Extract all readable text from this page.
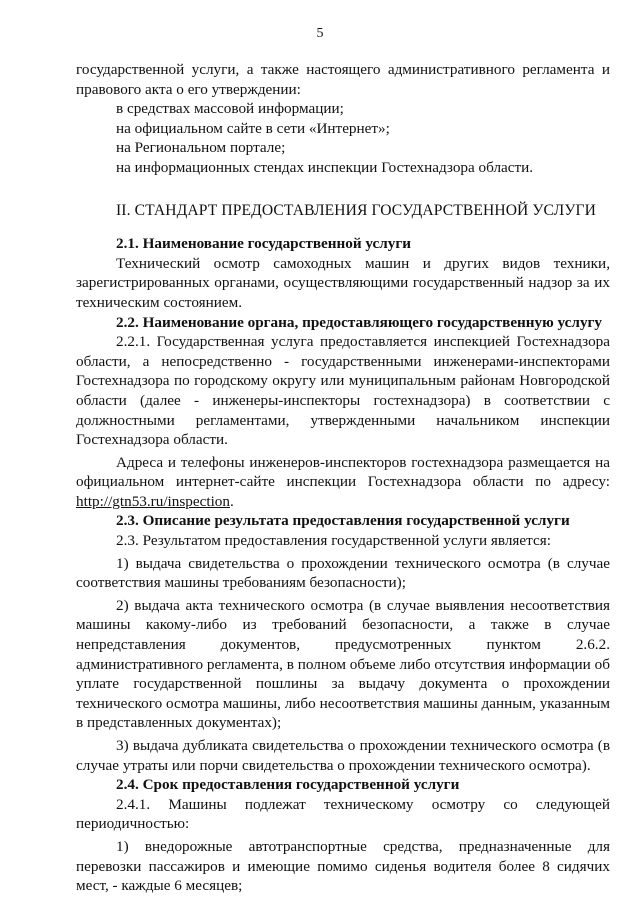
5

государственной услуги, а также настоящего административного регламента и правового акта о его утверждении:

в средствах массовой информации;

на официальном сайте в сети «Интернет»;

на Региональном портале;

на информационных стендах инспекции Гостехнадзора области.

II. СТАНДАРТ ПРЕДОСТАВЛЕНИЯ ГОСУДАРСТВЕННОЙ УСЛУГИ

2.1. Наименование государственной услуги

Технический осмотр самоходных машин и других видов техники, зарегистрированных органами, осуществляющими государственный надзор за их техническим состоянием.

2.2. Наименование органа, предоставляющего государственную услугу

2.2.1. Государственная услуга предоставляется инспекцией Гостехнадзора области, а непосредственно - государственными инженерами-инспекторами Гостехнадзора по городскому округу или муниципальным районам Новгородской области (далее - инженеры-инспекторы гостехнадзора) в соответствии с должностными регламентами, утвержденными начальником инспекции Гостехнадзора области.

Адреса и телефоны инженеров-инспекторов гостехнадзора размещается на официальном интернет-сайте инспекции Гостехнадзора области по адресу: http://gtn53.ru/inspection.

2.3. Описание результата предоставления государственной услуги

2.3. Результатом предоставления государственной услуги является:

1) выдача свидетельства о прохождении технического осмотра (в случае соответствия машины требованиям безопасности);

2) выдача акта технического осмотра (в случае выявления несоответствия машины какому-либо из требований безопасности, а также в случае непредставления документов, предусмотренных пунктом 2.6.2. административного регламента, в полном объеме либо отсутствия информации об уплате государственной пошлины за выдачу документа о прохождении технического осмотра машины, либо несоответствия машины данным, указанным в представленных документах);

3) выдача дубликата свидетельства о прохождении технического осмотра (в случае утраты или порчи свидетельства о прохождении технического осмотра).

2.4. Срок предоставления государственной услуги

2.4.1. Машины подлежат техническому осмотру со следующей периодичностью:

1) внедорожные автотранспортные средства, предназначенные для перевозки пассажиров и имеющие помимо сиденья водителя более 8 сидячих мест, - каждые 6 месяцев;
